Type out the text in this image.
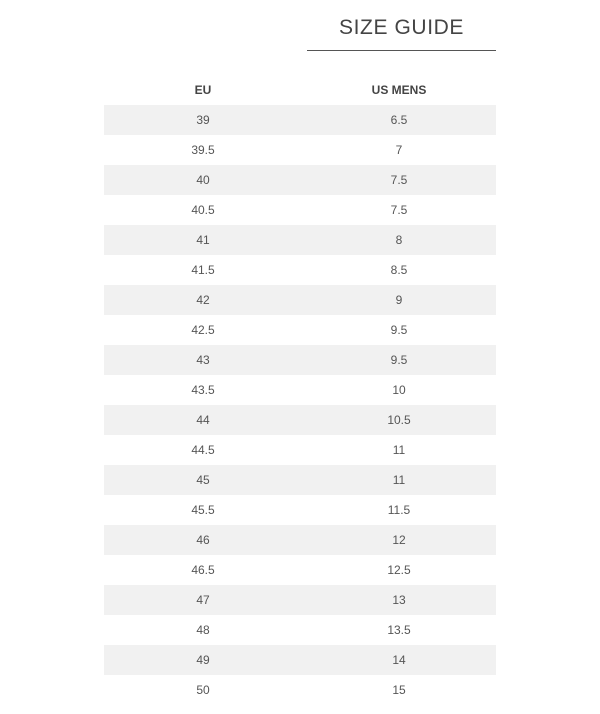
SIZE GUIDE
EU	US MENS
39	6.5
39.5	7
40	7.5
40.5	7.5
41	8
41.5	8.5
42	9
42.5	9.5
43	9.5
43.5	10
44	10.5
44.5	11
45	11
45.5	11.5
46	12
46.5	12.5
47	13
48	13.5
49	14
50	15
